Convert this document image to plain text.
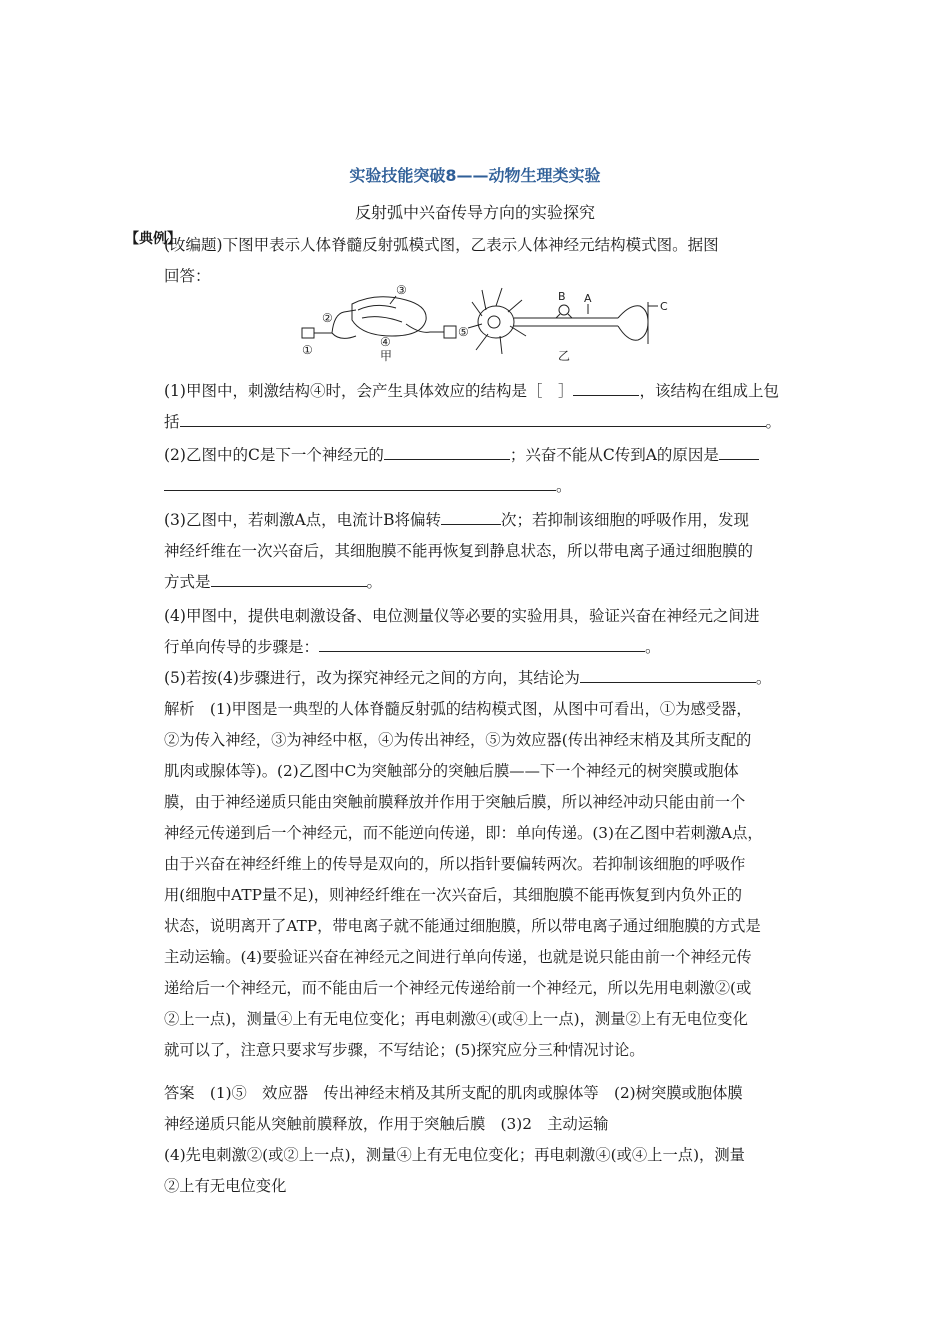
实验技能突破8——动物生理类实验
反射弧中兴奋传导方向的实验探究
【典例】
(改编题)下图甲表示人体脊髓反射弧模式图，乙表示人体神经元结构模式图。据图
回答：
①
②
③
④
⑤
甲
B A
C
乙
(1)甲图中，刺激结构④时，会产生具体效应的结构是［　］	，该结构在组成上包
括	。
(2)乙图中的C是下一个神经元的	；兴奋不能从C传到A的原因是
。
(3)乙图中，若刺激A点，电流计B将偏转	次；若抑制该细胞的呼吸作用，发现
神经纤维在一次兴奋后，其细胞膜不能再恢复到静息状态，所以带电离子通过细胞膜的
方式是	。
(4)甲图中，提供电刺激设备、电位测量仪等必要的实验用具，验证兴奋在神经元之间进
行单向传导的步骤是：	。
(5)若按(4)步骤进行，改为探究神经元之间的方向，其结论为	。
解析　(1)甲图是一典型的人体脊髓反射弧的结构模式图，从图中可看出，①为感受器，
②为传入神经，③为神经中枢，④为传出神经，⑤为效应器(传出神经末梢及其所支配的
肌肉或腺体等)。(2)乙图中C为突触部分的突触后膜——下一个神经元的树突膜或胞体
膜，由于神经递质只能由突触前膜释放并作用于突触后膜，所以神经冲动只能由前一个
神经元传递到后一个神经元，而不能逆向传递，即：单向传递。(3)在乙图中若刺激A点，
由于兴奋在神经纤维上的传导是双向的，所以指针要偏转两次。若抑制该细胞的呼吸作
用(细胞中ATP量不足)，则神经纤维在一次兴奋后，其细胞膜不能再恢复到内负外正的
状态，说明离开了ATP，带电离子就不能通过细胞膜，所以带电离子通过细胞膜的方式是
主动运输。(4)要验证兴奋在神经元之间进行单向传递，也就是说只能由前一个神经元传
递给后一个神经元，而不能由后一个神经元传递给前一个神经元，所以先用电刺激②(或
②上一点)，测量④上有无电位变化；再电刺激④(或④上一点)，测量②上有无电位变化
就可以了，注意只要求写步骤，不写结论；(5)探究应分三种情况讨论。
答案　(1)⑤　效应器　传出神经末梢及其所支配的肌肉或腺体等　(2)树突膜或胞体膜
神经递质只能从突触前膜释放，作用于突触后膜　(3)2　主动运输
(4)先电刺激②(或②上一点)，测量④上有无电位变化；再电刺激④(或④上一点)，测量
②上有无电位变化
